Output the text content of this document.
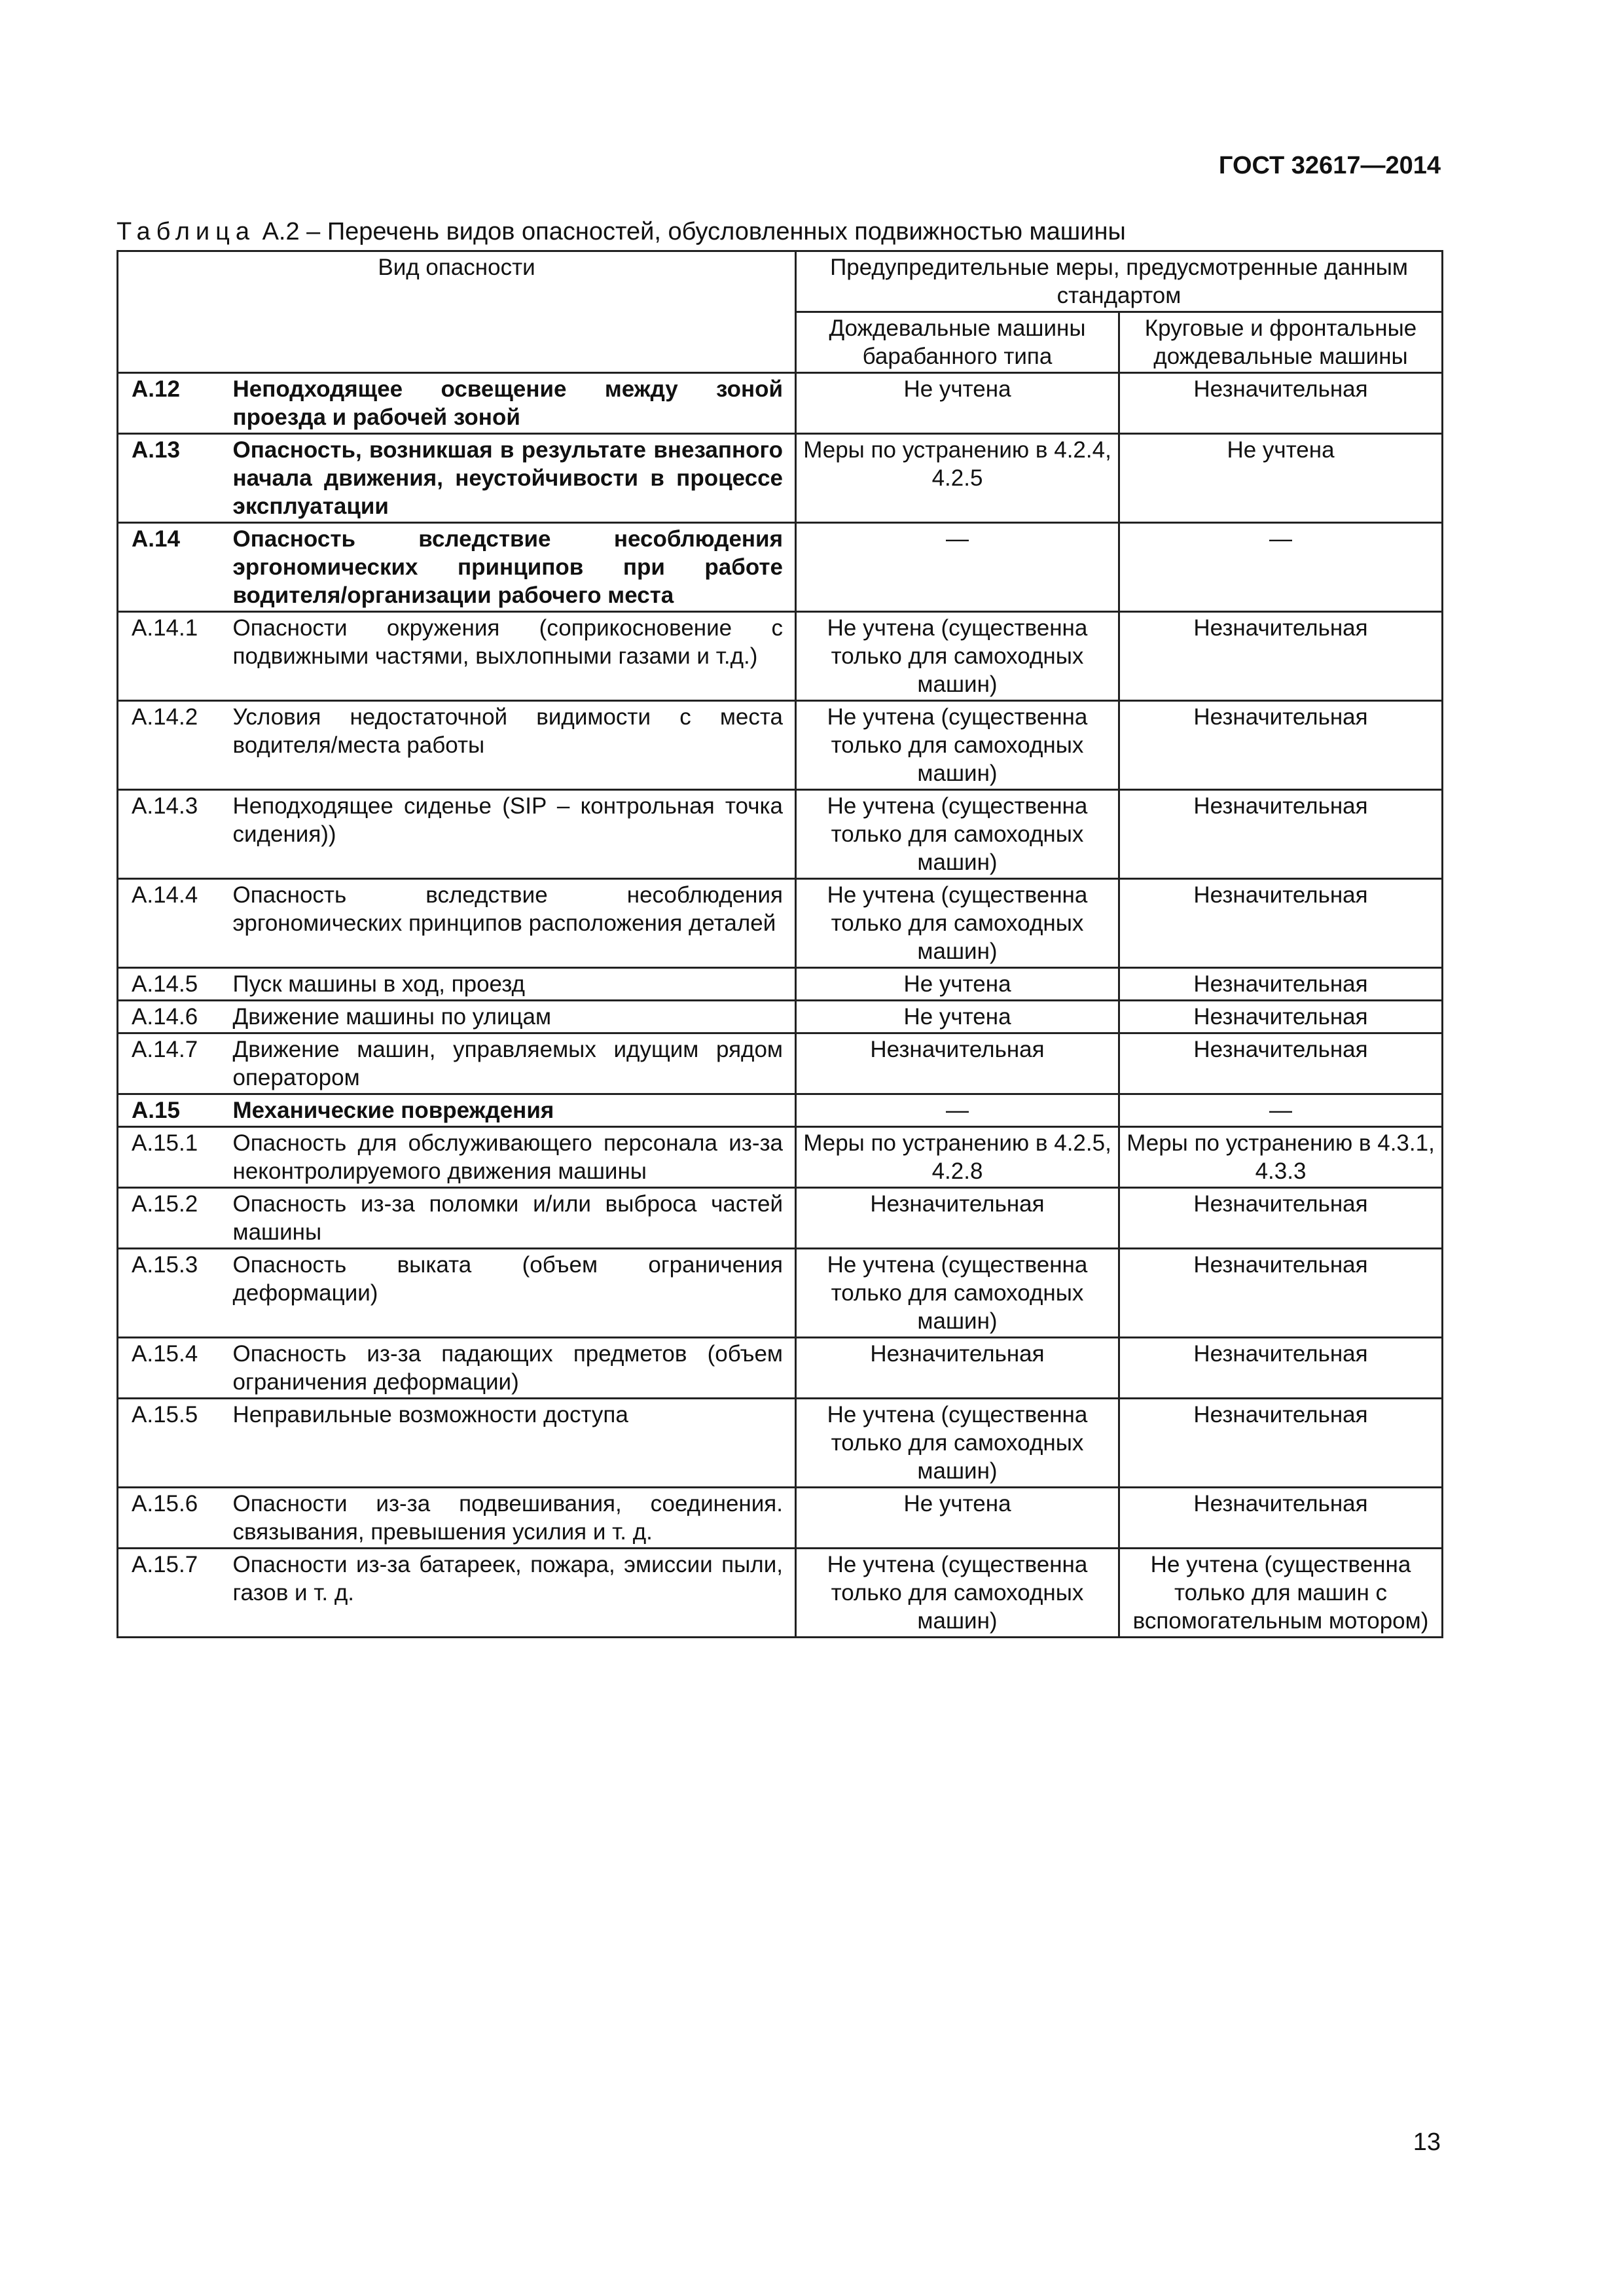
ГОСТ 32617—2014
Таблица А.2 – Перечень видов опасностей, обусловленных подвижностью машины
Вид опасности		Предупредительные меры, предусмотренные данным стандартом	
		Дождевальные машины барабанного типа	Круговые и фронтальные дождевальные машины
А.12	Неподходящее освещение между зоной проезда и рабочей зоной	Не учтена	Незначительная
А.13	Опасность, возникшая в результате внезапного начала движения, неустойчивости в процессе эксплуатации	Меры по устранению в 4.2.4, 4.2.5	Не учтена
А.14	Опасность вследствие несоблюдения эргономических принципов при работе водителя/организации рабочего места	—	—
А.14.1	Опасности окружения (соприкосновение с подвижными частями, выхлопными газами и т.д.)	Не учтена (существенна только для самоходных машин)	Незначительная
А.14.2	Условия недостаточной видимости с места водителя/места работы	Не учтена (существенна только для самоходных машин)	Незначительная
А.14.3	Неподходящее сиденье (SIP – контрольная точка сидения))	Не учтена (существенна только для самоходных машин)	Незначительная
А.14.4	Опасность вследствие несоблюдения эргономических принципов расположения деталей	Не учтена (существенна только для самоходных машин)	Незначительная
А.14.5	Пуск машины в ход, проезд	Не учтена	Незначительная
А.14.6	Движение машины по улицам	Не учтена	Незначительная
А.14.7	Движение машин, управляемых идущим рядом оператором	Незначительная	Незначительная
А.15	Механические повреждения	—	—
А.15.1	Опасность для обслуживающего персонала из-за неконтролируемого движения машины	Меры по устранению в 4.2.5, 4.2.8	Меры по устранению в 4.3.1, 4.3.3
А.15.2	Опасность из-за поломки и/или выброса частей машины	Незначительная	Незначительная
А.15.3	Опасность выката (объем ограничения деформации)	Не учтена (существенна только для самоходных машин)	Незначительная
А.15.4	Опасность из-за падающих предметов (объем ограничения деформации)	Незначительная	Незначительная
А.15.5	Неправильные возможности доступа	Не учтена (существенна только для самоходных машин)	Незначительная
А.15.6	Опасности из-за подвешивания, соединения. связывания, превышения усилия и т. д.	Не учтена	Незначительная
А.15.7	Опасности из-за батареек, пожара, эмиссии пыли, газов и т. д.	Не учтена (существенна только для самоходных машин)	Не учтена (существенна только для машин с вспомогательным мотором)
13
